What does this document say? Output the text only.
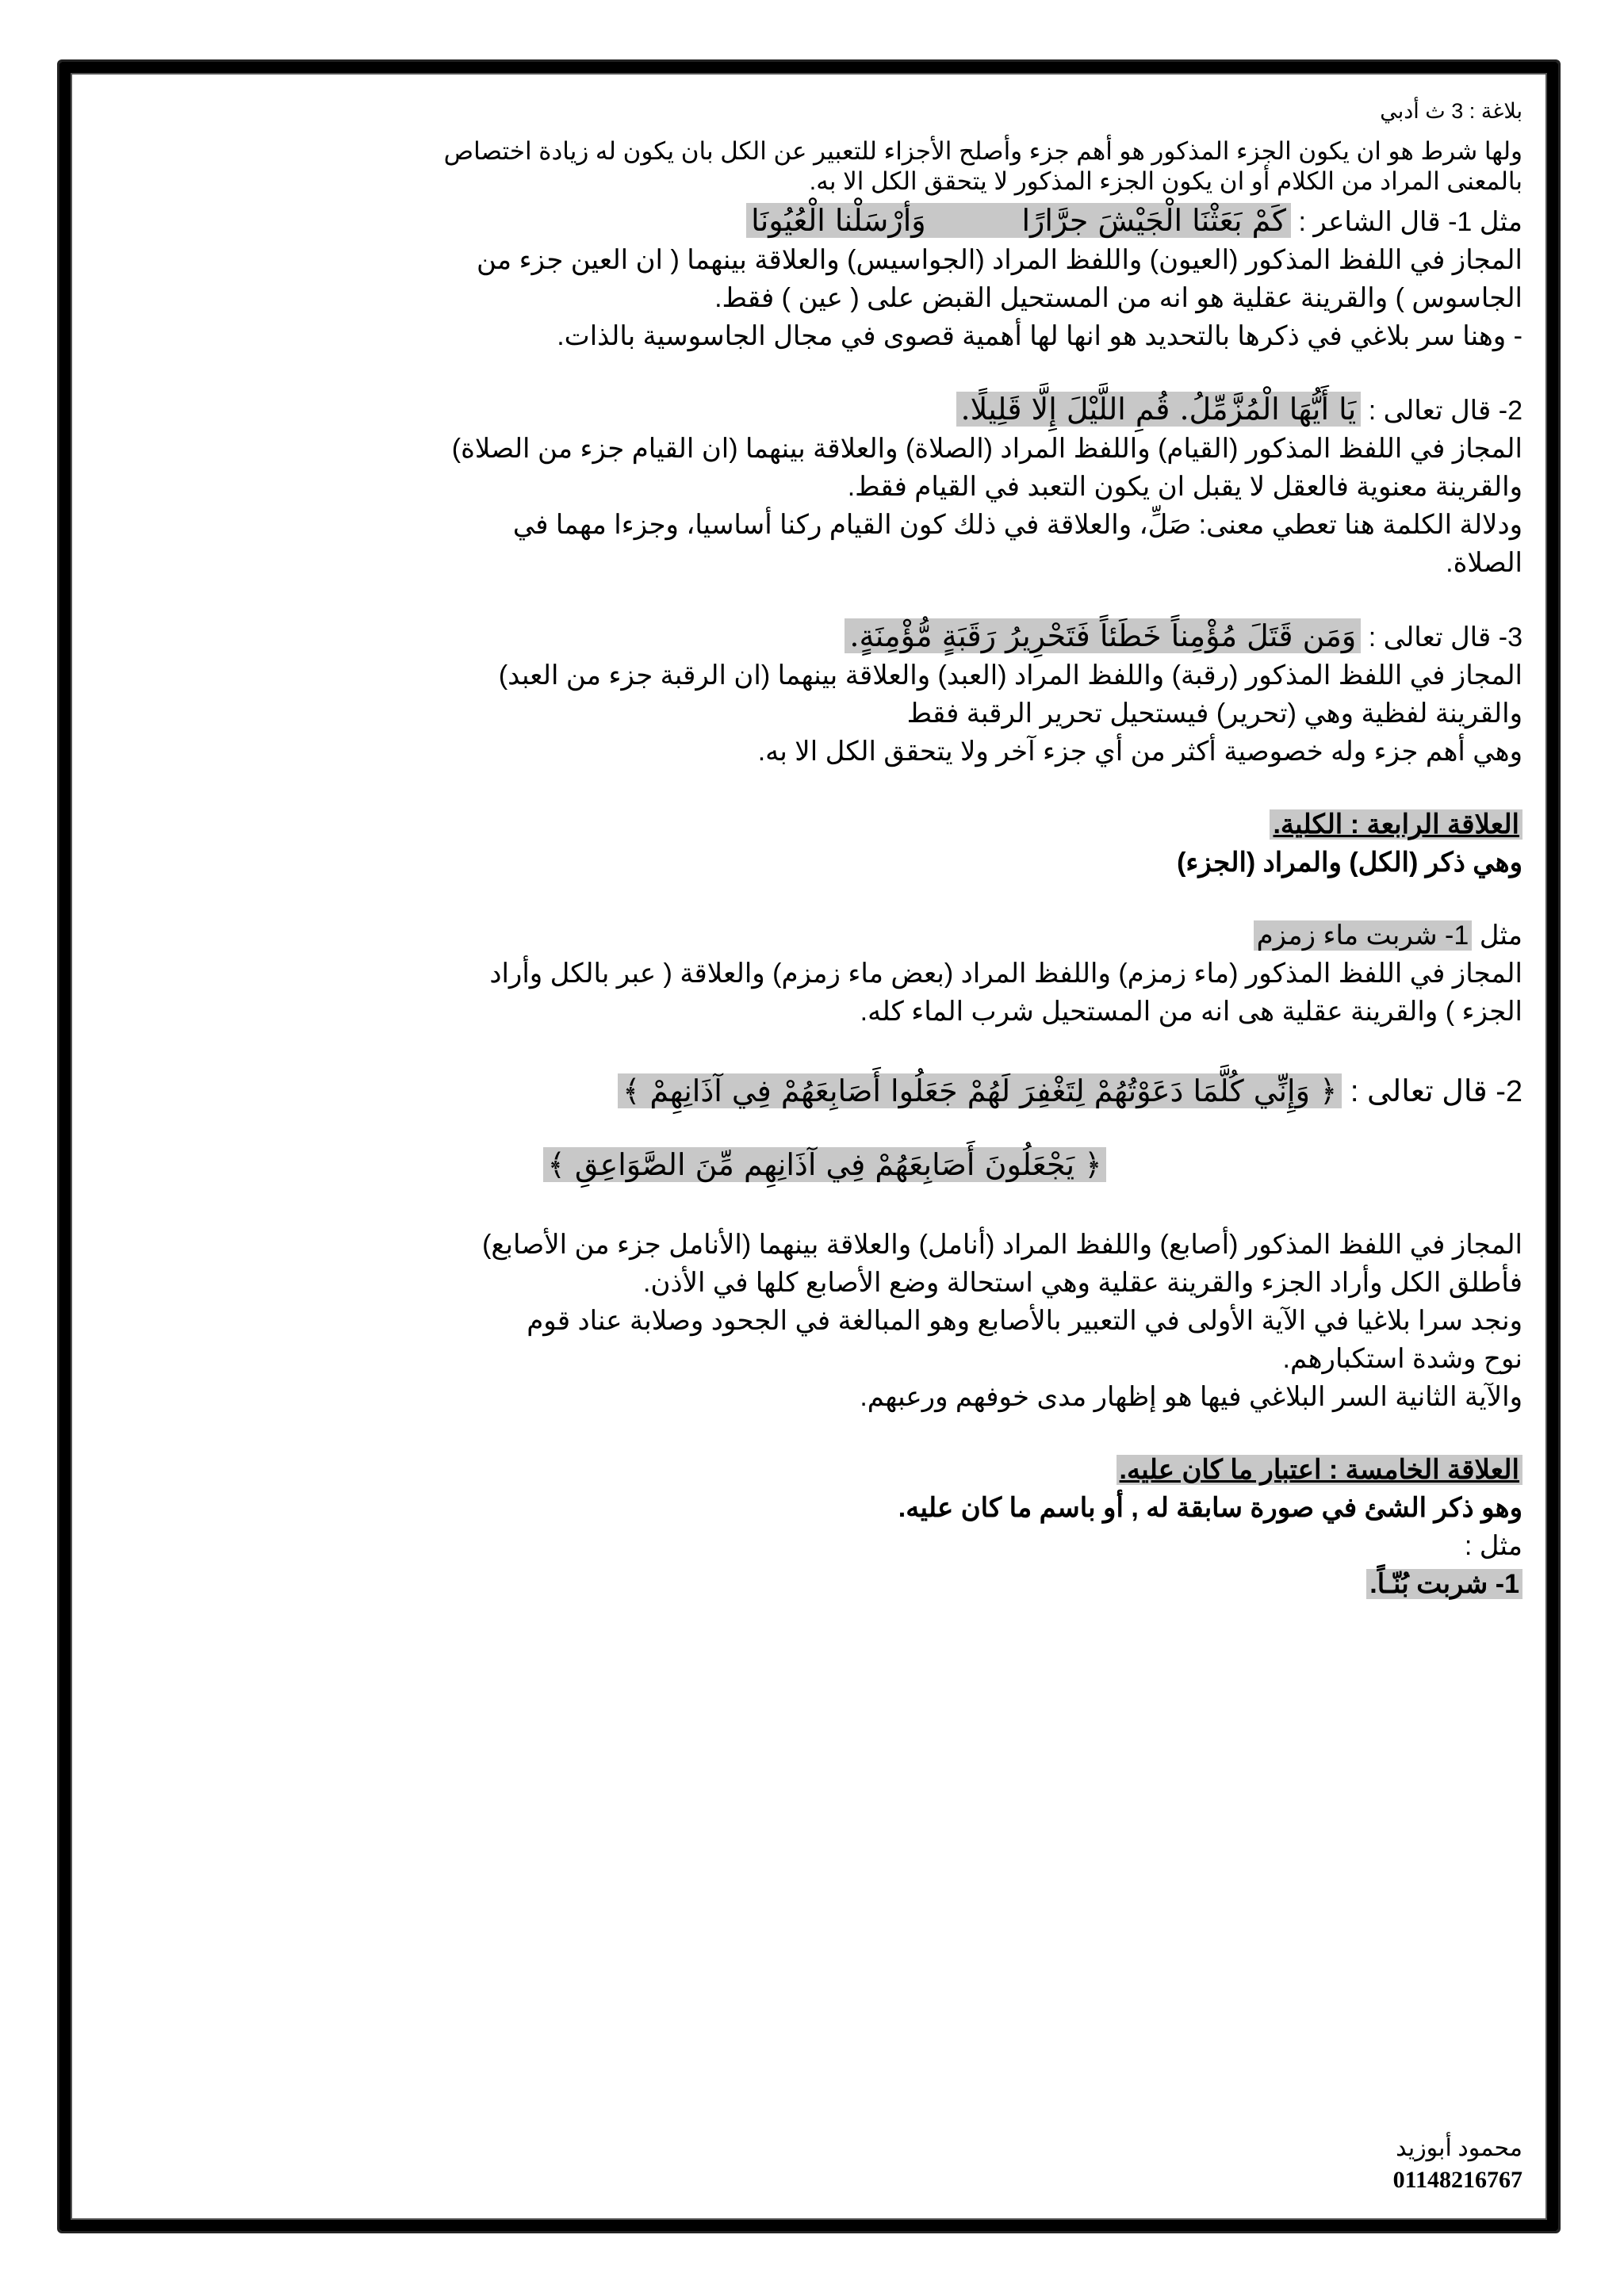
بلاغة : 3 ث أدبي

ولها شرط هو ان يكون الجزء المذكور هو أهم جزء وأصلح الأجزاء للتعبير عن الكل بان يكون له زيادة اختصاص

بالمعنى المراد من الكلام أو ان يكون الجزء المذكور لا يتحقق الكل الا به.

مثل 1- قال الشاعر : كَمْ بَعَثْنَا الْجَيْشَ جرَّارًا          وَأرْسَلْنا الْعُيُونَا

المجاز في اللفظ المذكور (العيون) واللفظ المراد (الجواسيس) والعلاقة بينهما ( ان العين جزء من

الجاسوس ) والقرينة عقلية هو انه من المستحيل القبض على ( عين ) فقط.

- وهنا سر بلاغي في ذكرها بالتحديد هو انها لها أهمية قصوى في مجال الجاسوسية بالذات.

2- قال تعالى : يَا أَيُّهَا الْمُزَّمِّلُ. قُمِ اللَّيْلَ إِلَّا قَلِيلًا.

المجاز في اللفظ المذكور (القيام) واللفظ المراد (الصلاة) والعلاقة بينهما (ان القيام جزء من الصلاة)

والقرينة معنوية فالعقل لا يقبل ان يكون التعبد في القيام فقط.

ودلالة الكلمة هنا تعطي معنى: صَلِّ، والعلاقة في ذلك كون القيام ركنا أساسيا، وجزءا مهما في

الصلاة.

3- قال تعالى : وَمَن قَتَلَ مُؤْمِناً خَطَئاً فَتَحْرِيرُ رَقَبَةٍ مُّؤْمِنَةٍ.

المجاز في اللفظ المذكور (رقبة) واللفظ المراد (العبد) والعلاقة بينهما (ان الرقبة جزء من العبد)

والقرينة لفظية وهي (تحرير) فيستحيل تحرير الرقبة فقط

وهي أهم جزء وله خصوصية أكثر من أي جزء آخر ولا يتحقق الكل الا به.

العلاقة الرابعة : الكلية.

وهي ذكر (الكل) والمراد (الجزء)

مثل 1- شربت ماء زمزم

المجاز في اللفظ المذكور (ماء زمزم) واللفظ المراد (بعض ماء زمزم) والعلاقة ( عبر بالكل وأراد

الجزء ) والقرينة عقلية هى انه من المستحيل شرب الماء كله.

2- قال تعالى : ﴿ وَإِنِّي كُلَّمَا دَعَوْتُهُمْ لِتَغْفِرَ لَهُمْ جَعَلُوا أَصَابِعَهُمْ فِي آذَانِهِمْ ﴾

﴿ يَجْعَلُونَ أَصَابِعَهُمْ فِي آذَانِهِم مِّنَ الصَّوَاعِقِ ﴾

المجاز في اللفظ المذكور (أصابع) واللفظ المراد (أنامل) والعلاقة بينهما (الأنامل جزء من الأصابع)

فأطلق الكل وأراد الجزء والقرينة عقلية وهي استحالة وضع الأصابع كلها في الأذن.

ونجد سرا بلاغيا في الآية الأولى في التعبير بالأصابع وهو المبالغة في الجحود وصلابة عناد قوم

نوح وشدة استكبارهم.

والآية الثانية السر البلاغي فيها هو إظهار مدى خوفهم ورعبهم.

العلاقة الخامسة : اعتبار ما كان عليه.

وهو ذكر الشئ في صورة سابقة له , أو باسم ما كان عليه.

مثل :

1- شربت بُنّـاً.

محمود أبوزيد
01148216767
